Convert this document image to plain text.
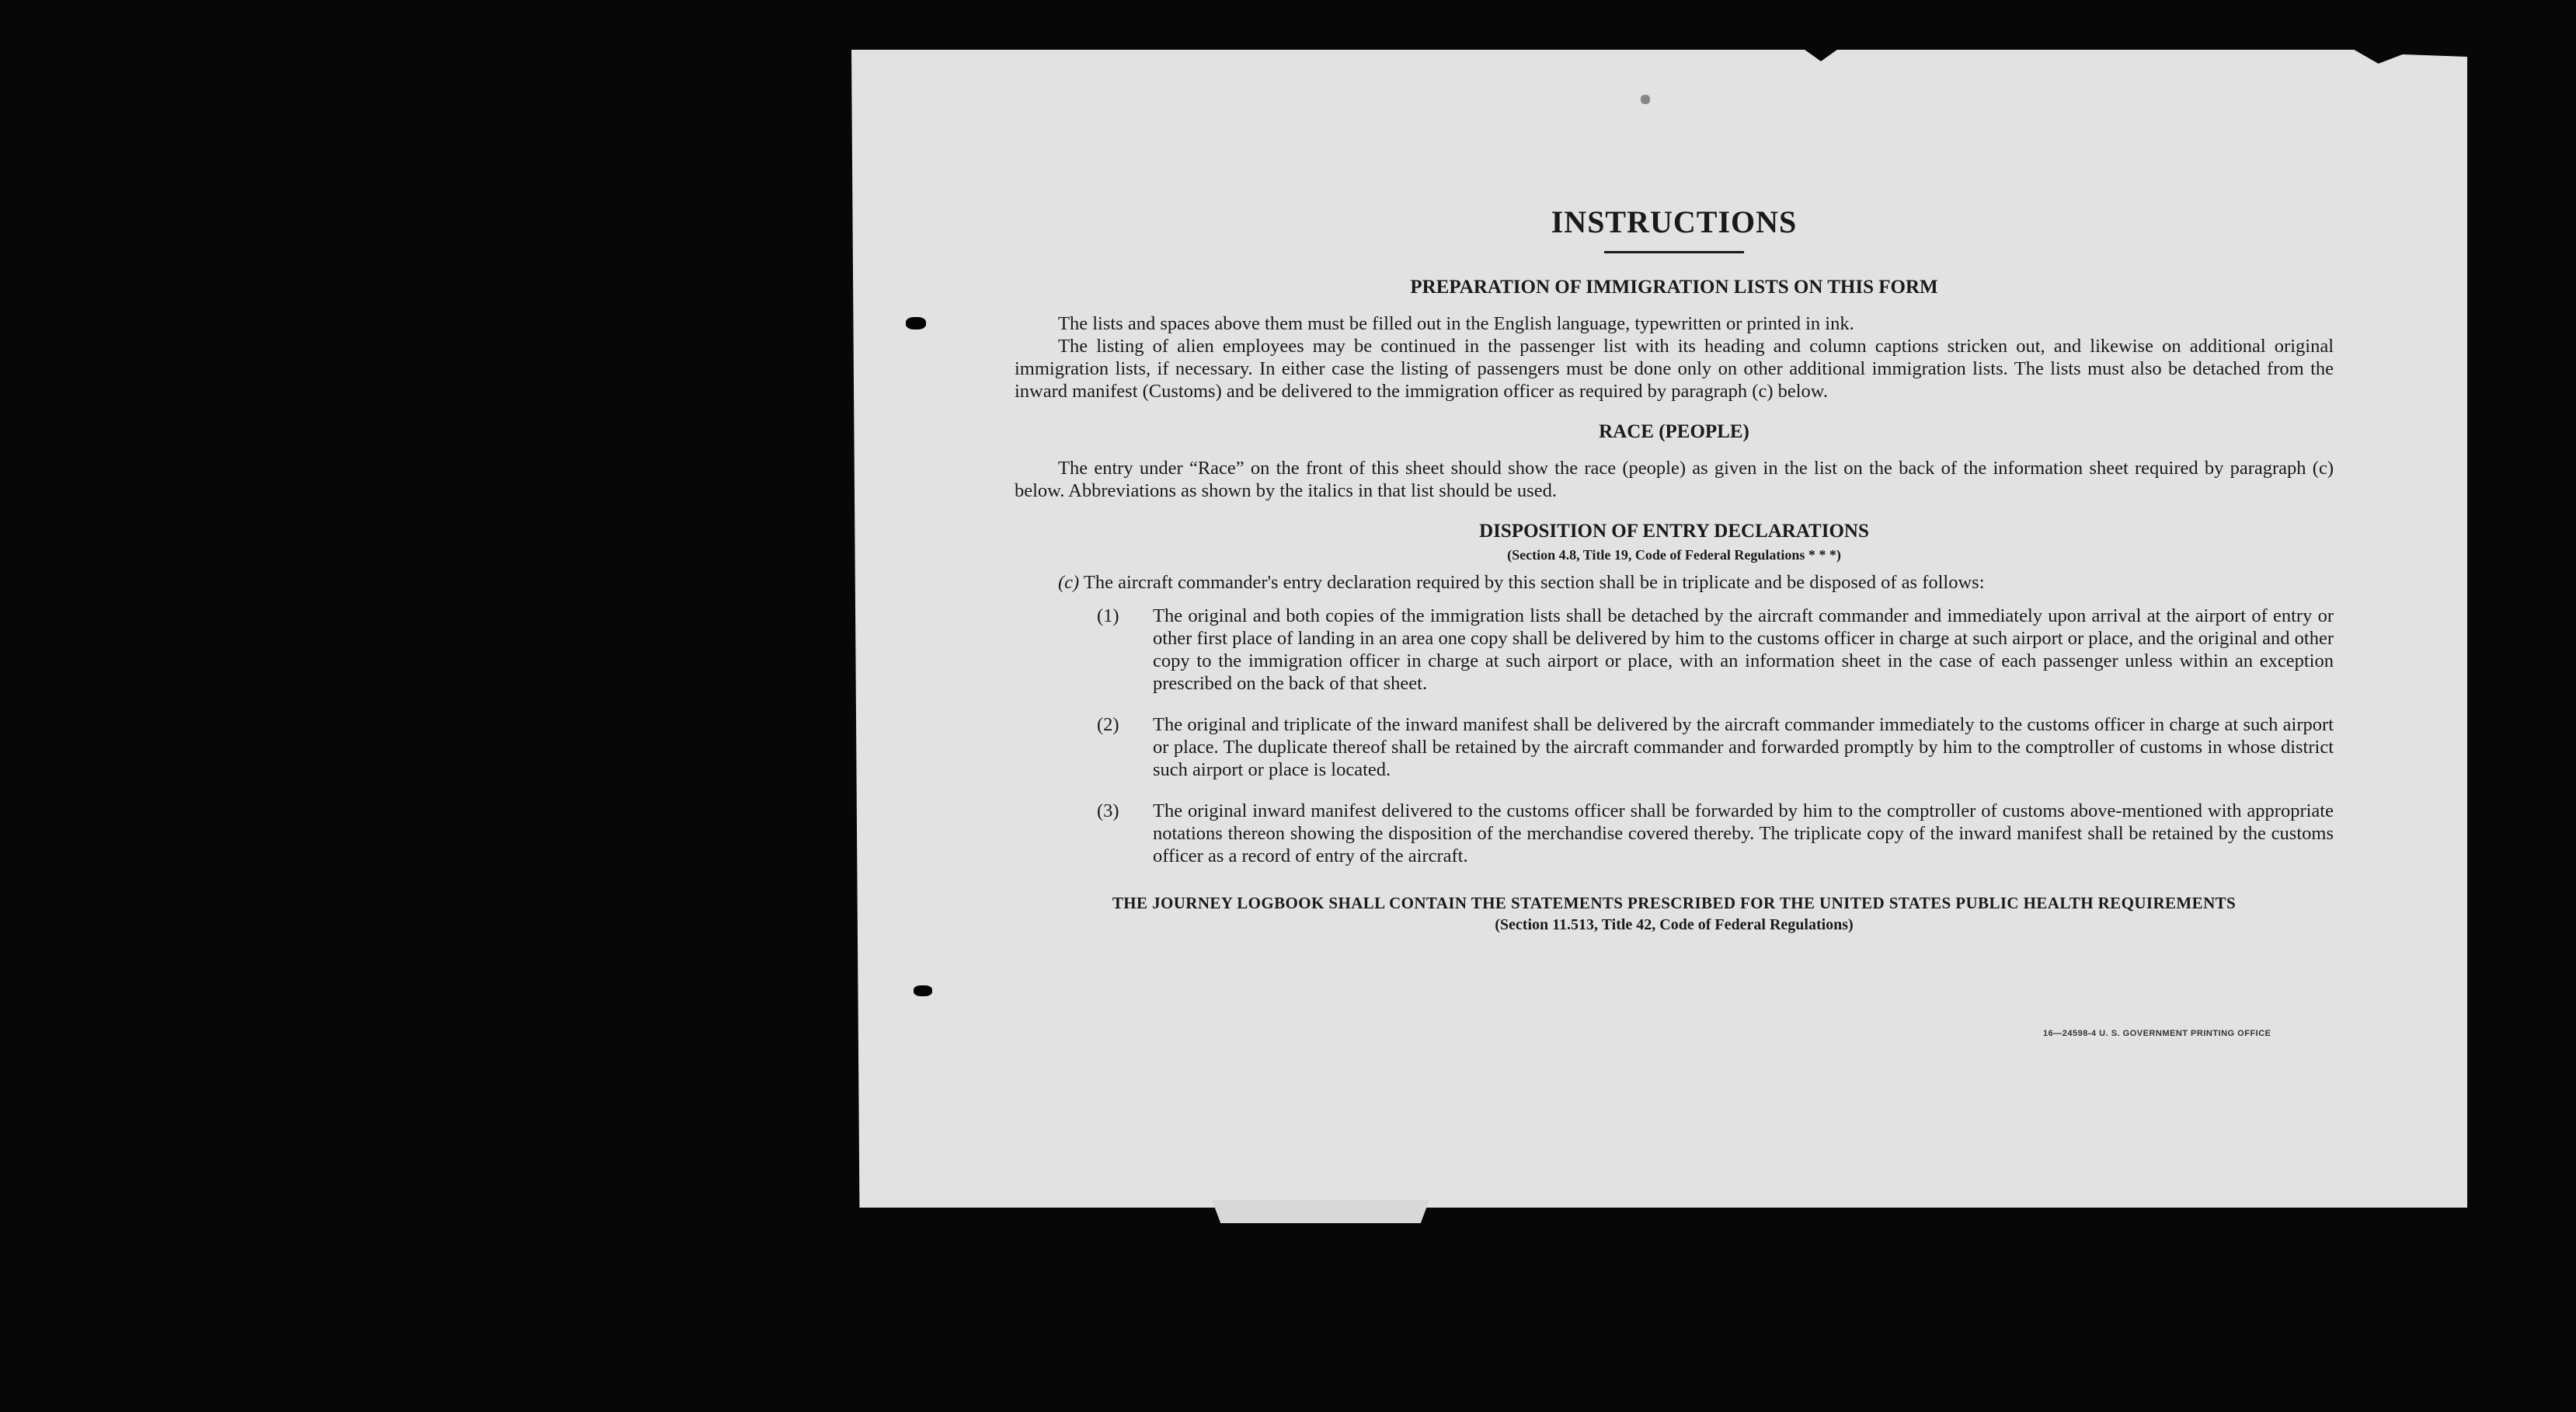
INSTRUCTIONS
PREPARATION OF IMMIGRATION LISTS ON THIS FORM

The lists and spaces above them must be filled out in the English language, typewritten or printed in ink.

The listing of alien employees may be continued in the passenger list with its heading and column captions stricken out, and likewise on additional original immigration lists, if necessary. In either case the listing of passengers must be done only on other additional immigration lists. The lists must also be detached from the inward manifest (Customs) and be delivered to the immigration officer as required by paragraph (c) below.

RACE (PEOPLE)

The entry under “Race” on the front of this sheet should show the race (people) as given in the list on the back of the information sheet required by paragraph (c) below. Abbreviations as shown by the italics in that list should be used.

DISPOSITION OF ENTRY DECLARATIONS
(Section 4.8, Title 19, Code of Federal Regulations * * *)
(c) The aircraft commander's entry declaration required by this section shall be in triplicate and be disposed of as follows:
(1) The original and both copies of the immigration lists shall be detached by the aircraft commander and immediately upon arrival at the airport of entry or other first place of landing in an area one copy shall be delivered by him to the customs officer in charge at such airport or place, and the original and other copy to the immigration officer in charge at such airport or place, with an information sheet in the case of each passenger unless within an exception prescribed on the back of that sheet.
(2) The original and triplicate of the inward manifest shall be delivered by the aircraft commander immediately to the customs officer in charge at such airport or place. The duplicate thereof shall be retained by the aircraft commander and forwarded promptly by him to the comptroller of customs in whose district such airport or place is located.
(3) The original inward manifest delivered to the customs officer shall be forwarded by him to the comptroller of customs above-mentioned with appropriate notations thereon showing the disposition of the merchandise covered thereby. The triplicate copy of the inward manifest shall be retained by the customs officer as a record of entry of the aircraft.
THE JOURNEY LOGBOOK SHALL CONTAIN THE STATEMENTS PRESCRIBED FOR THE UNITED STATES PUBLIC HEALTH REQUIREMENTS
(Section 11.513, Title 42, Code of Federal Regulations)
16—24598-4 U. S. GOVERNMENT PRINTING OFFICE
